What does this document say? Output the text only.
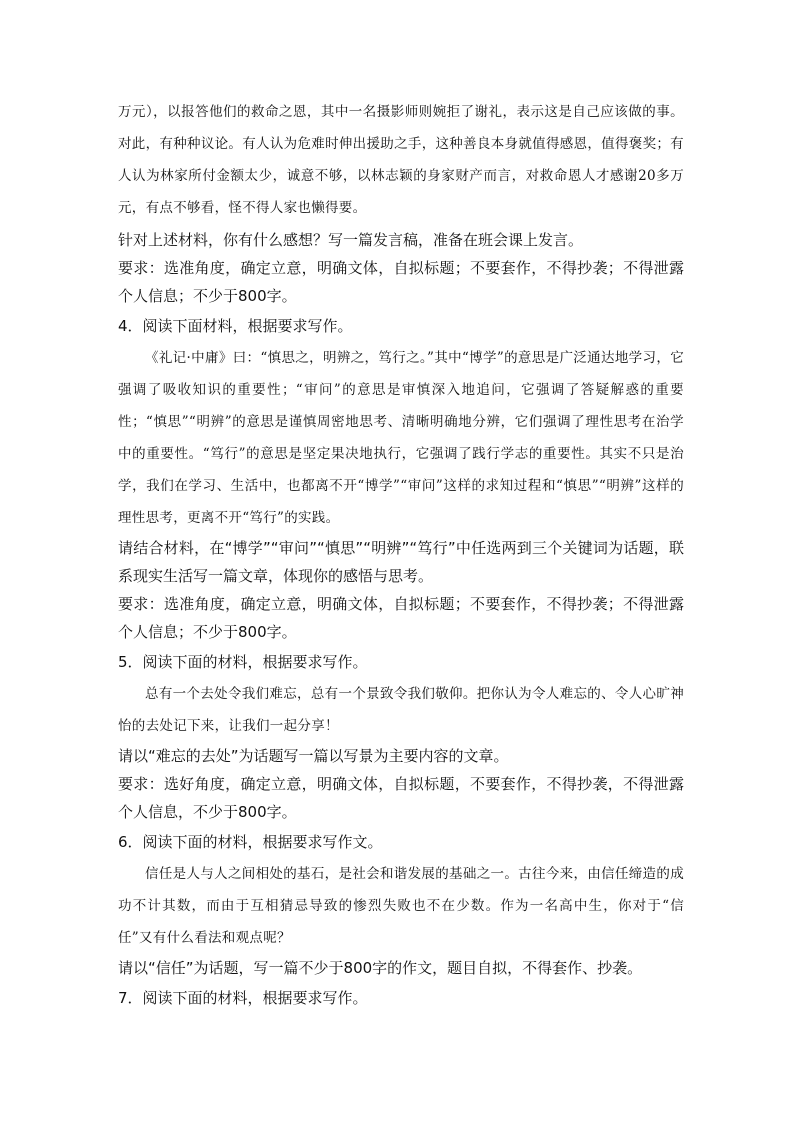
万元），以报答他们的救命之恩，其中一名摄影师则婉拒了谢礼，表示这是自己应该做的事。对此，有种种议论。有人认为危难时伸出援助之手，这种善良本身就值得感恩，值得褒奖；有人认为林家所付金额太少，诚意不够，以林志颖的身家财产而言，对救命恩人才感谢20多万元，有点不够看，怪不得人家也懒得要。

针对上述材料，你有什么感想？写一篇发言稿，准备在班会课上发言。

要求：选准角度，确定立意，明确文体，自拟标题；不要套作，不得抄袭；不得泄露个人信息；不少于800字。

4．阅读下面材料，根据要求写作。

《礼记·中庸》曰：“慎思之，明辨之，笃行之。”其中“博学”的意思是广泛通达地学习，它强调了吸收知识的重要性；“审问”的意思是审慎深入地追问，它强调了答疑解惑的重要性；“慎思”“明辨”的意思是谨慎周密地思考、清晰明确地分辨，它们强调了理性思考在治学中的重要性。“笃行”的意思是坚定果决地执行，它强调了践行学志的重要性。其实不只是治学，我们在学习、生活中，也都离不开“博学”“审问”这样的求知过程和“慎思”“明辨”这样的理性思考，更离不开“笃行”的实践。

请结合材料，在“博学”“审问”“慎思”“明辨”“笃行”中任选两到三个关键词为话题，联系现实生活写一篇文章，体现你的感悟与思考。

要求：选准角度，确定立意，明确文体，自拟标题；不要套作，不得抄袭；不得泄露个人信息；不少于800字。

5．阅读下面的材料，根据要求写作。

总有一个去处令我们难忘，总有一个景致令我们敬仰。把你认为令人难忘的、令人心旷神怡的去处记下来，让我们一起分享！

请以“难忘的去处”为话题写一篇以写景为主要内容的文章。

要求：选好角度，确定立意，明确文体，自拟标题，不要套作，不得抄袭，不得泄露个人信息，不少于800字。

6．阅读下面的材料，根据要求写作文。

信任是人与人之间相处的基石，是社会和谐发展的基础之一。古往今来，由信任缔造的成功不计其数，而由于互相猜忌导致的惨烈失败也不在少数。作为一名高中生，你对于“信任”又有什么看法和观点呢？

请以“信任”为话题，写一篇不少于800字的作文，题目自拟，不得套作、抄袭。

7．阅读下面的材料，根据要求写作。
